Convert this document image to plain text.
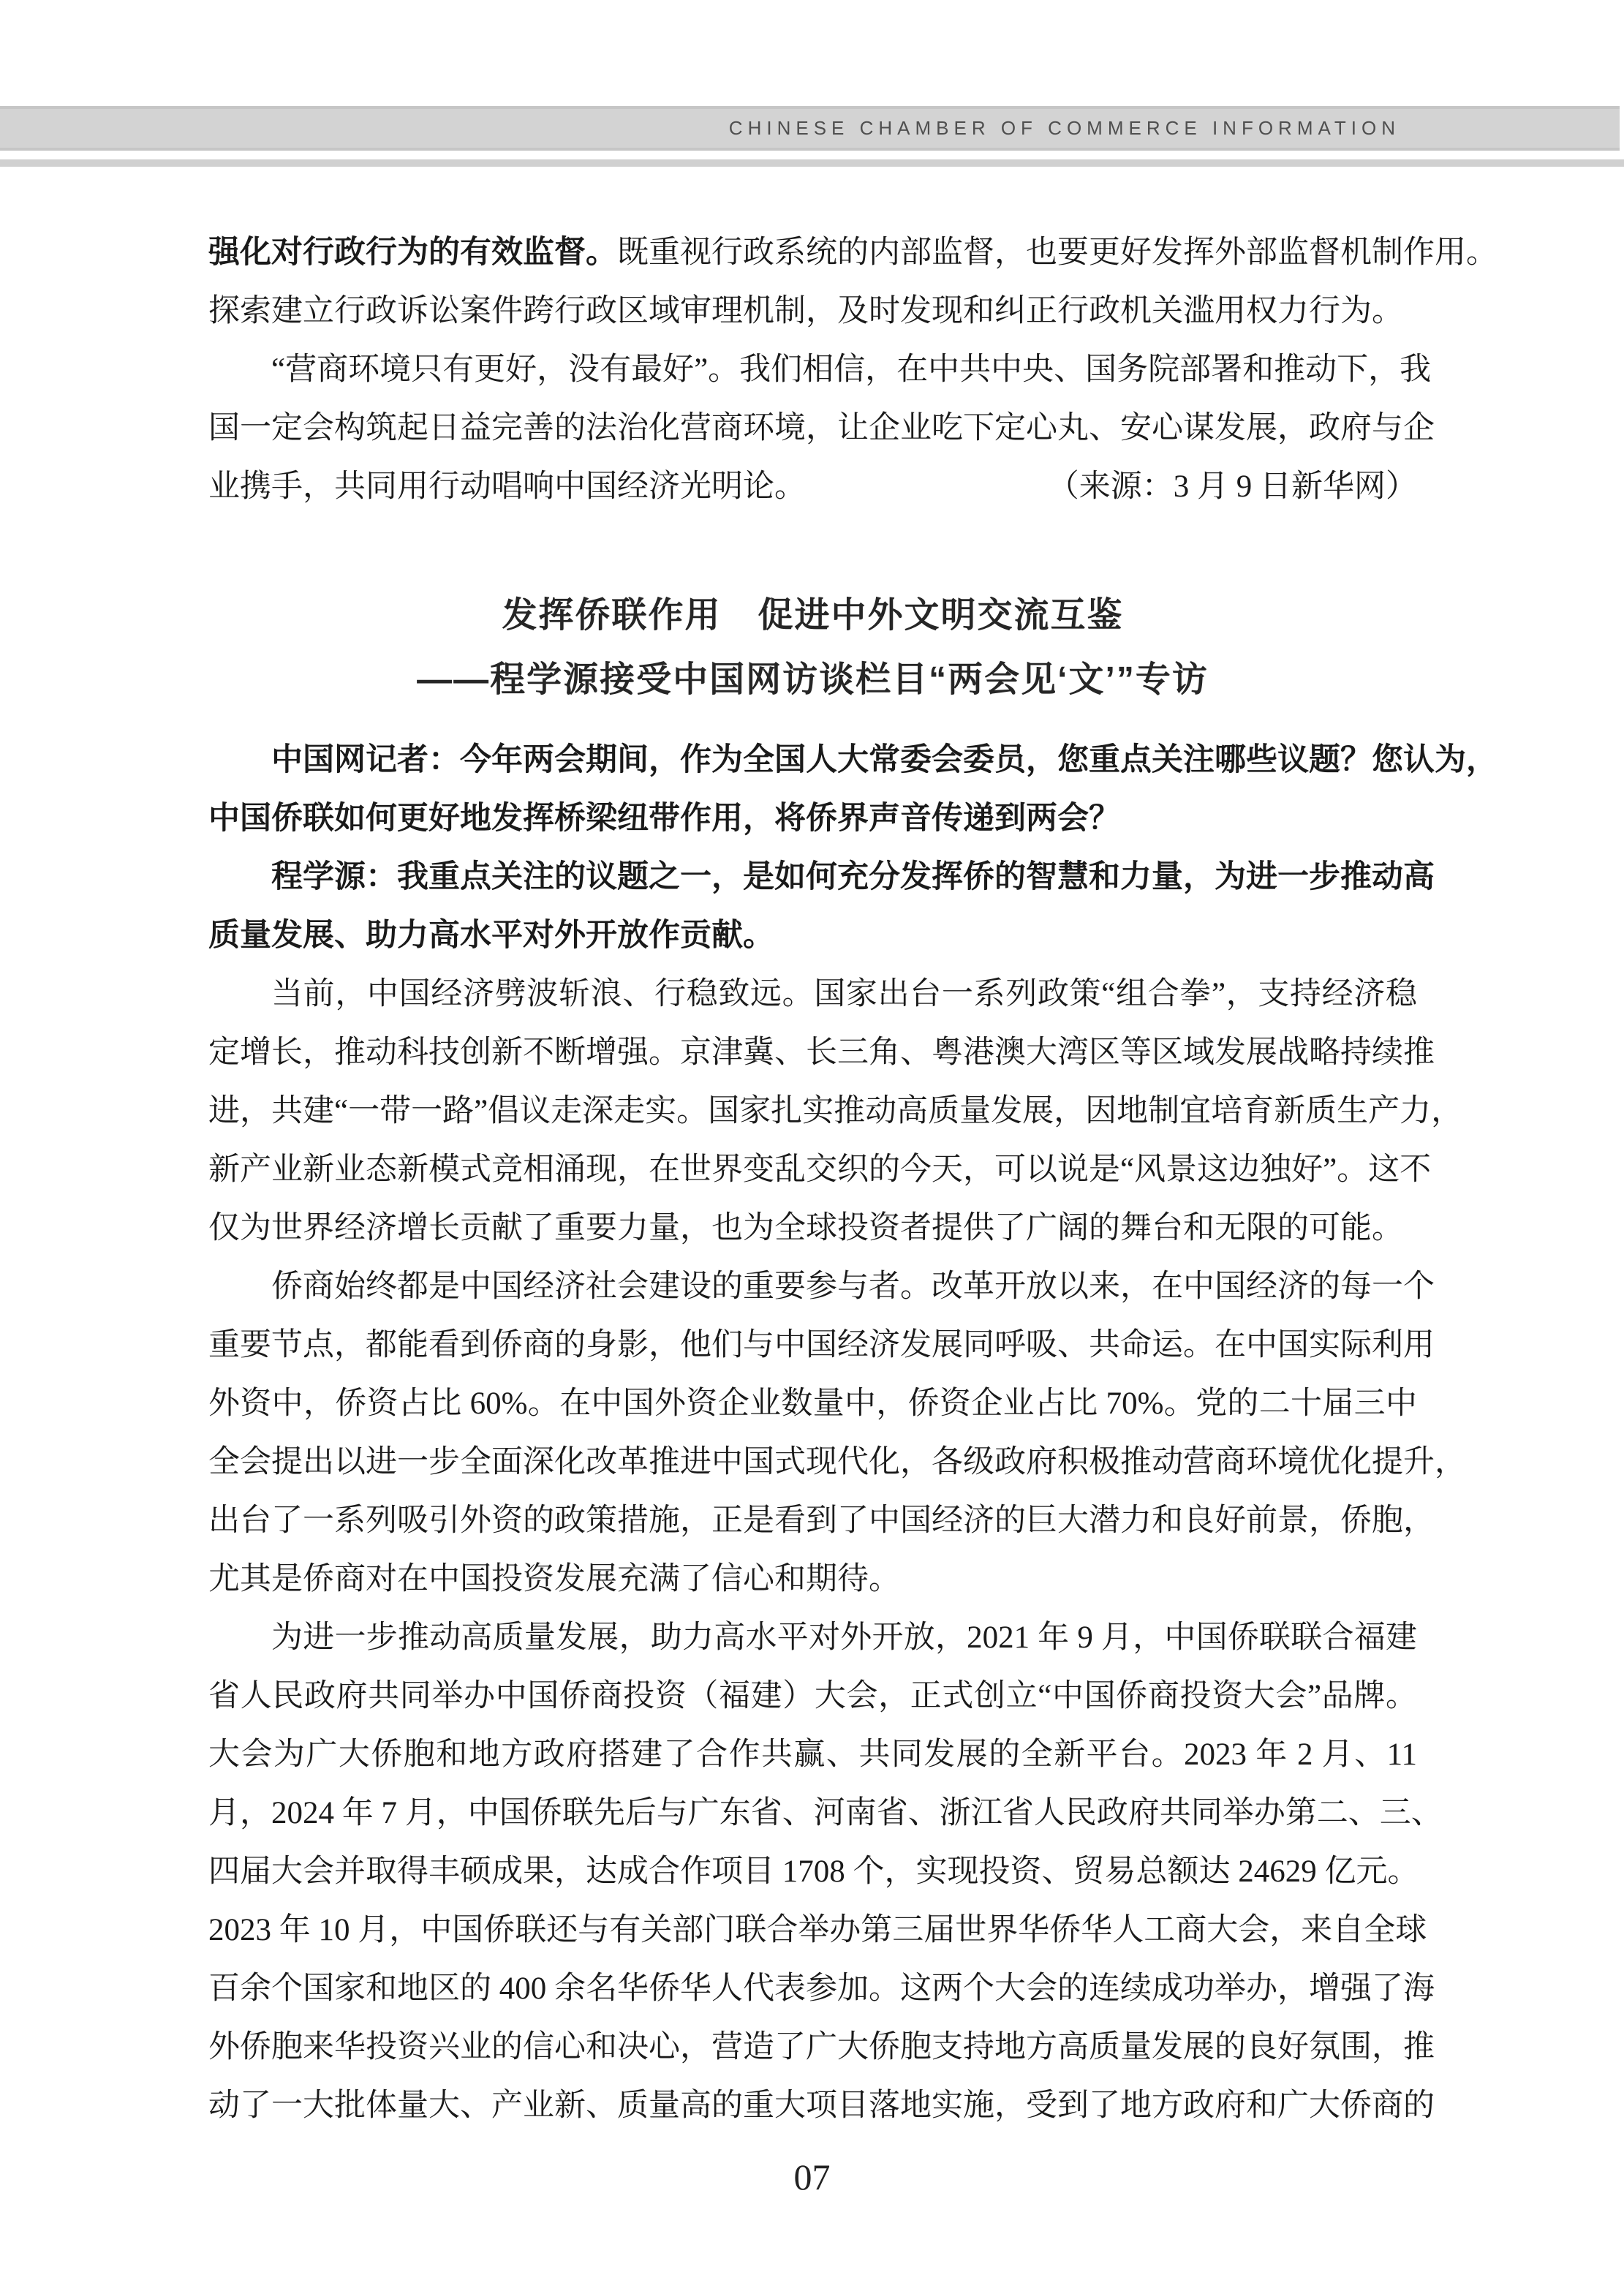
CHINESE CHAMBER OF COMMERCE INFORMATION
强化对行政行为的有效监督。既重视行政系统的内部监督，也要更好发挥外部监督机制作用。
探索建立行政诉讼案件跨行政区域审理机制，及时发现和纠正行政机关滥用权力行为。
“营商环境只有更好，没有最好”。我们相信，在中共中央、国务院部署和推动下，我
国一定会构筑起日益完善的法治化营商环境，让企业吃下定心丸、安心谋发展，政府与企
业携手，共同用行动唱响中国经济光明论。	（来源：3 月 9 日新华网）
发挥侨联作用　促进中外文明交流互鉴
——程学源接受中国网访谈栏目“两会见‘文’”专访
中国网记者：今年两会期间，作为全国人大常委会委员，您重点关注哪些议题？您认为，
中国侨联如何更好地发挥桥梁纽带作用，将侨界声音传递到两会？
程学源：我重点关注的议题之一，是如何充分发挥侨的智慧和力量，为进一步推动高
质量发展、助力高水平对外开放作贡献。
当前，中国经济劈波斩浪、行稳致远。国家出台一系列政策“组合拳”，支持经济稳
定增长，推动科技创新不断增强。京津冀、长三角、粤港澳大湾区等区域发展战略持续推
进，共建“一带一路”倡议走深走实。国家扎实推动高质量发展，因地制宜培育新质生产力，
新产业新业态新模式竞相涌现，在世界变乱交织的今天，可以说是“风景这边独好”。这不
仅为世界经济增长贡献了重要力量，也为全球投资者提供了广阔的舞台和无限的可能。
侨商始终都是中国经济社会建设的重要参与者。改革开放以来，在中国经济的每一个
重要节点，都能看到侨商的身影，他们与中国经济发展同呼吸、共命运。在中国实际利用
外资中，侨资占比 60%。在中国外资企业数量中，侨资企业占比 70%。党的二十届三中
全会提出以进一步全面深化改革推进中国式现代化，各级政府积极推动营商环境优化提升，
出台了一系列吸引外资的政策措施，正是看到了中国经济的巨大潜力和良好前景，侨胞，
尤其是侨商对在中国投资发展充满了信心和期待。
为进一步推动高质量发展，助力高水平对外开放，2021 年 9 月，中国侨联联合福建
省人民政府共同举办中国侨商投资（福建）大会，正式创立“中国侨商投资大会”品牌。
大会为广大侨胞和地方政府搭建了合作共赢、共同发展的全新平台。2023 年 2 月、11
月，2024 年 7 月，中国侨联先后与广东省、河南省、浙江省人民政府共同举办第二、三、
四届大会并取得丰硕成果，达成合作项目 1708 个，实现投资、贸易总额达 24629 亿元。
2023 年 10 月，中国侨联还与有关部门联合举办第三届世界华侨华人工商大会，来自全球
百余个国家和地区的 400 余名华侨华人代表参加。这两个大会的连续成功举办，增强了海
外侨胞来华投资兴业的信心和决心，营造了广大侨胞支持地方高质量发展的良好氛围，推
动了一大批体量大、产业新、质量高的重大项目落地实施，受到了地方政府和广大侨商的
07
